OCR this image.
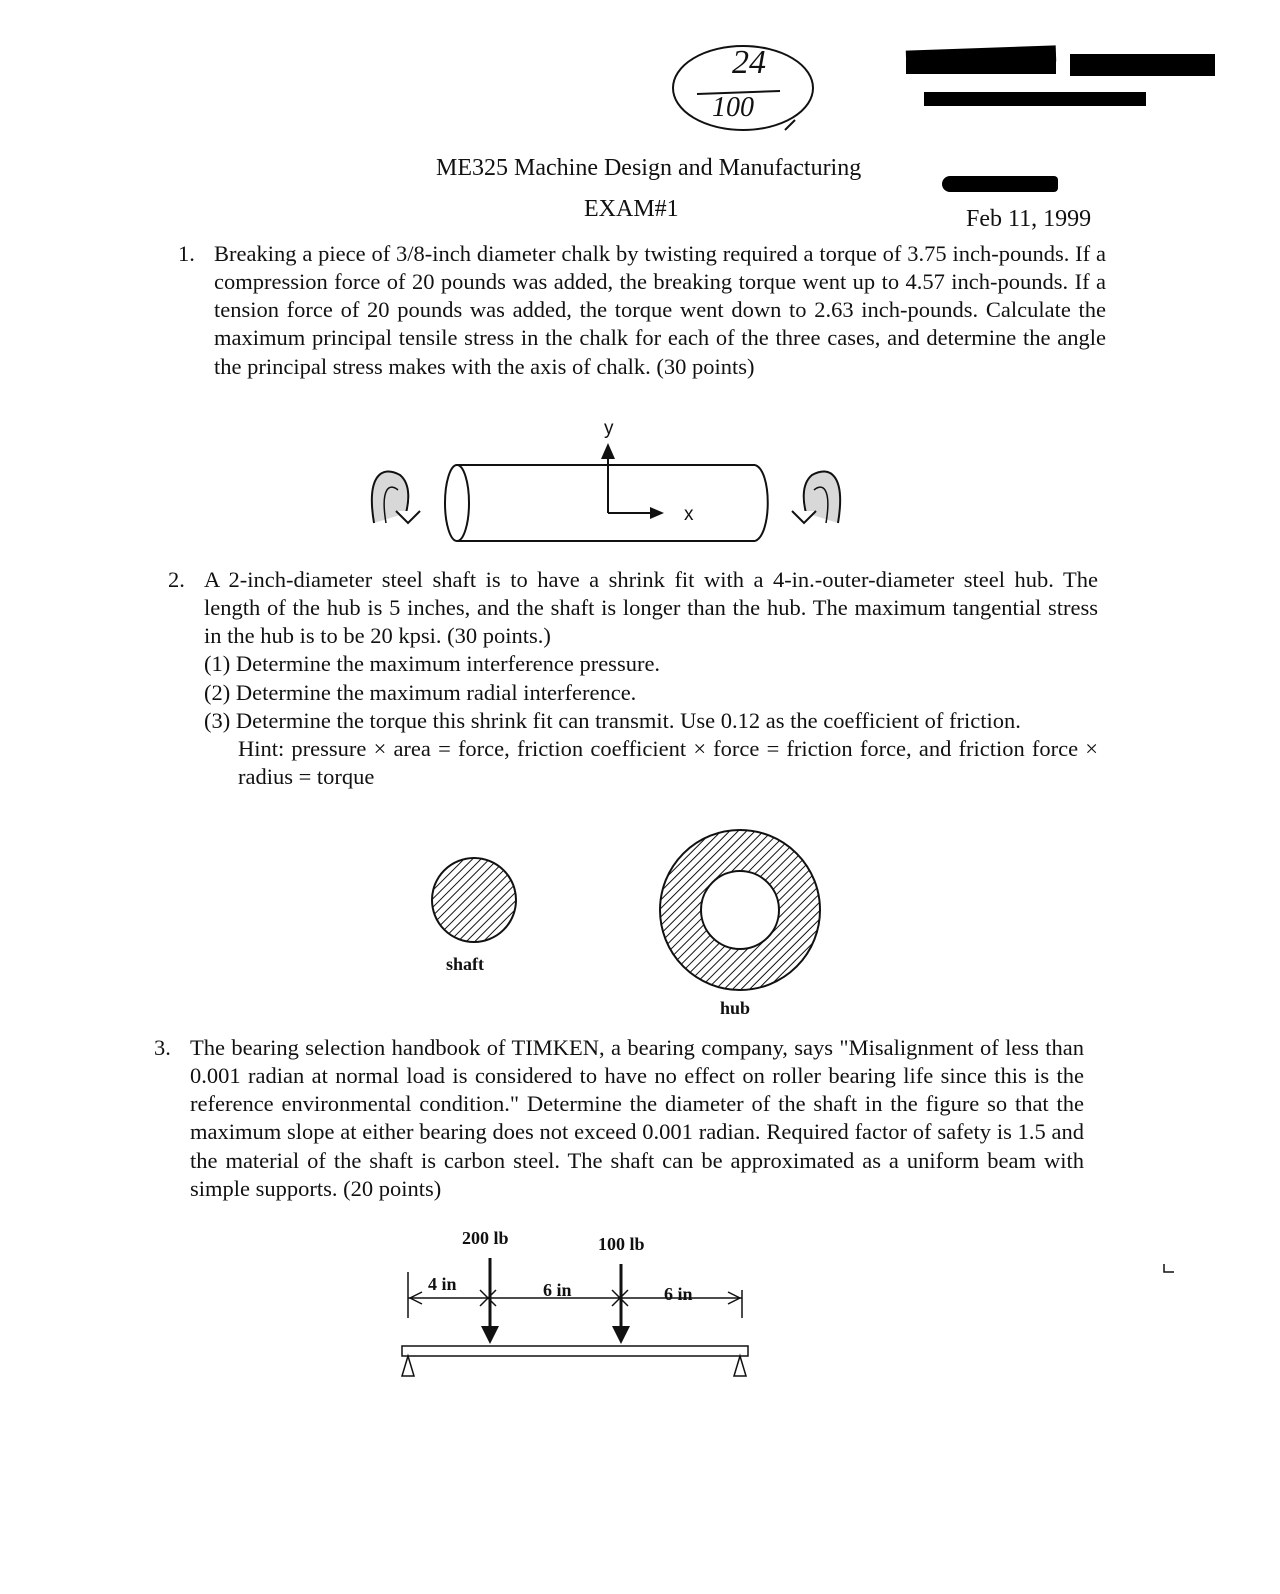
24
100
ME325 Machine Design and Manufacturing
EXAM#1	Feb 11, 1999
1. Breaking a piece of 3/8-inch diameter chalk by twisting required a torque of 3.75 inch-pounds. If a compression force of 20 pounds was added, the breaking torque went up to 4.57 inch-pounds. If a tension force of 20 pounds was added, the torque went down to 2.63 inch-pounds. Calculate the maximum principal tensile stress in the chalk for each of the three cases, and determine the angle the principal stress makes with the axis of chalk. (30 points)

y
x
2. A 2-inch-diameter steel shaft is to have a shrink fit with a 4-in.-outer-diameter steel hub. The length of the hub is 5 inches, and the shaft is longer than the hub. The maximum tangential stress in the hub is to be 20 kpsi. (30 points.)

(1) Determine the maximum interference pressure.

(2) Determine the maximum radial interference.

(3) Determine the torque this shrink fit can transmit. Use 0.12 as the coefficient of friction.

Hint: pressure × area = force, friction coefficient × force = friction force, and friction force × radius = torque

shaft
hub
3. The bearing selection handbook of TIMKEN, a bearing company, says "Misalignment of less than 0.001 radian at normal load is considered to have no effect on roller bearing life since this is the reference environmental condition." Determine the diameter of the shaft in the figure so that the maximum slope at either bearing does not exceed 0.001 radian. Required factor of safety is 1.5 and the material of the shaft is carbon steel. The shaft can be approximated as a uniform beam with simple supports. (20 points)

200 lb	100 lb
4 in	6 in	6 in
